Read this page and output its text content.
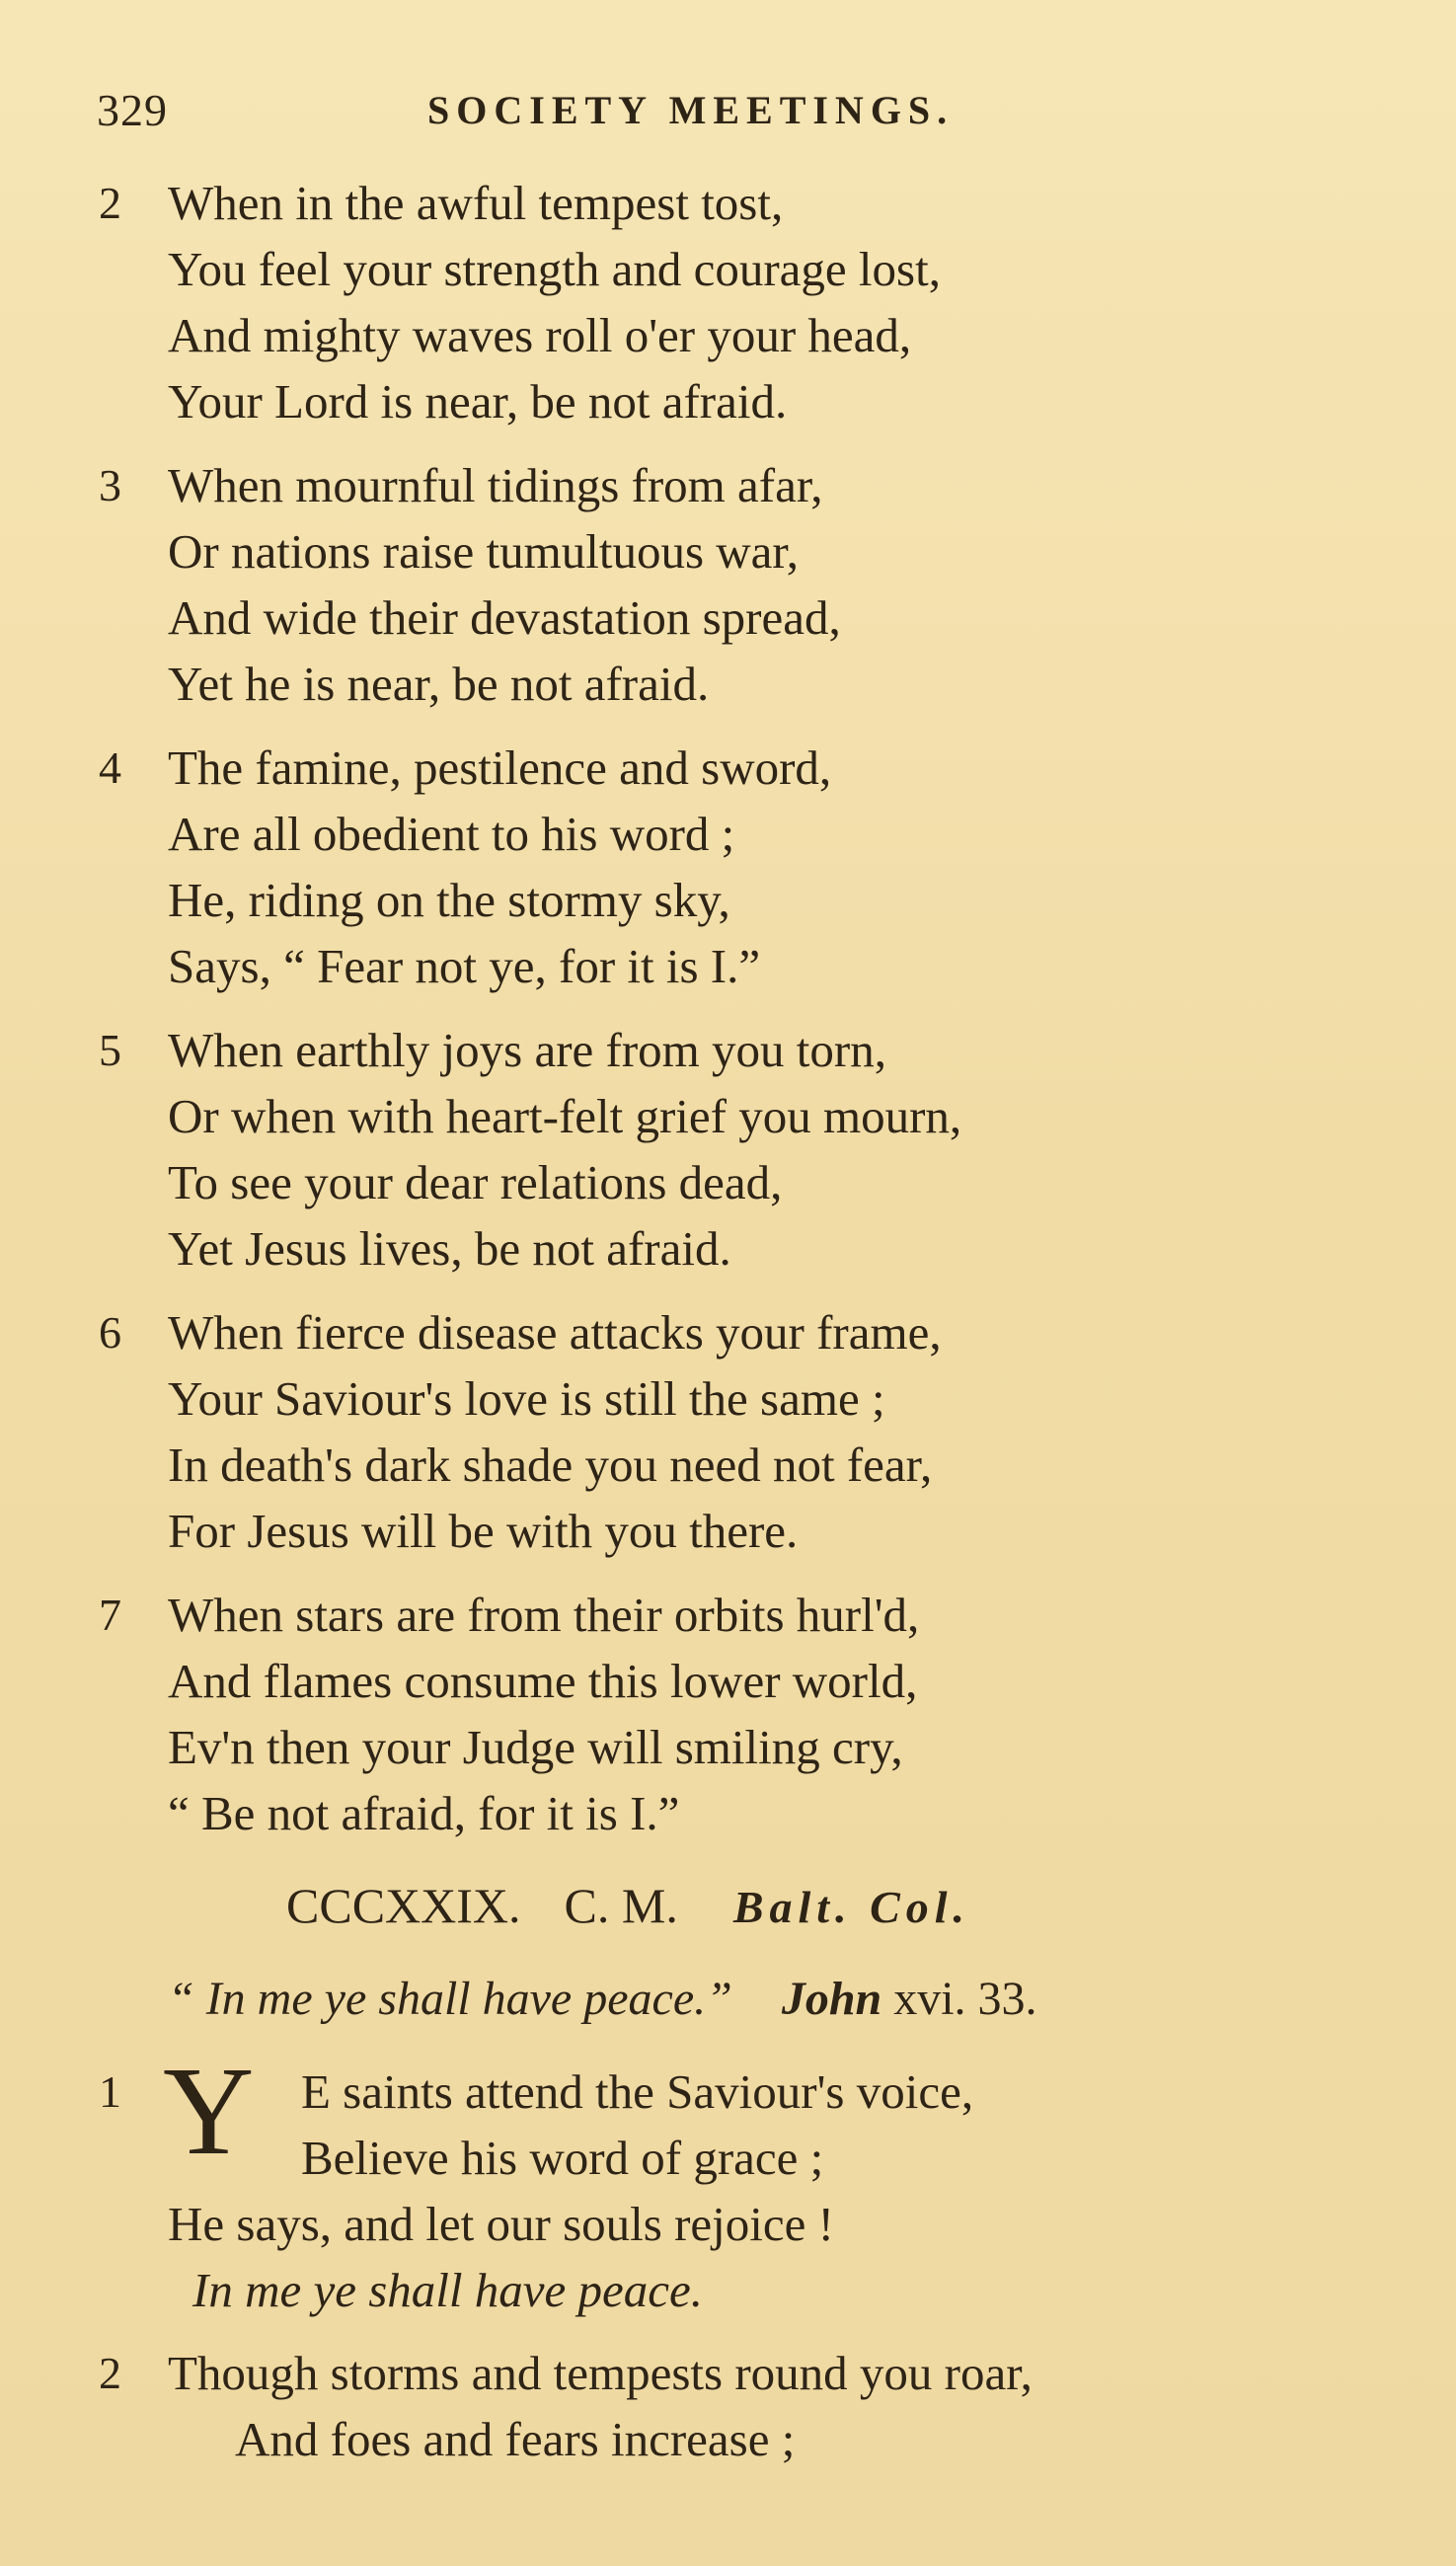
329	SOCIETY MEETINGS.
2 When in the awful tempest tost,
You feel your strength and courage lost,
And mighty waves roll o'er your head,
Your Lord is near, be not afraid.
3 When mournful tidings from afar,
Or nations raise tumultuous war,
And wide their devastation spread,
Yet he is near, be not afraid.
4 The famine, pestilence and sword,
Are all obedient to his word ;
He, riding on the stormy sky,
Says, “ Fear not ye, for it is I.”
5 When earthly joys are from you torn,
Or when with heart-felt grief you mourn,
To see your dear relations dead,
Yet Jesus lives, be not afraid.
6 When fierce disease attacks your frame,
Your Saviour's love is still the same ;
In death's dark shade you need not fear,
For Jesus will be with you there.
7 When stars are from their orbits hurl'd,
And flames consume this lower world,
Ev'n then your Judge will smiling cry,
“ Be not afraid, for it is I.”
CCCXXIX. C. M. Balt. Col.
“ In me ye shall have peace.” John xvi. 33.
1	E saints attend the Saviour's voice,
Believe his word of grace ;
He says, and let our souls rejoice !
In me ye shall have peace.
Y
2 Though storms and tempests round you roar,
And foes and fears increase ;
